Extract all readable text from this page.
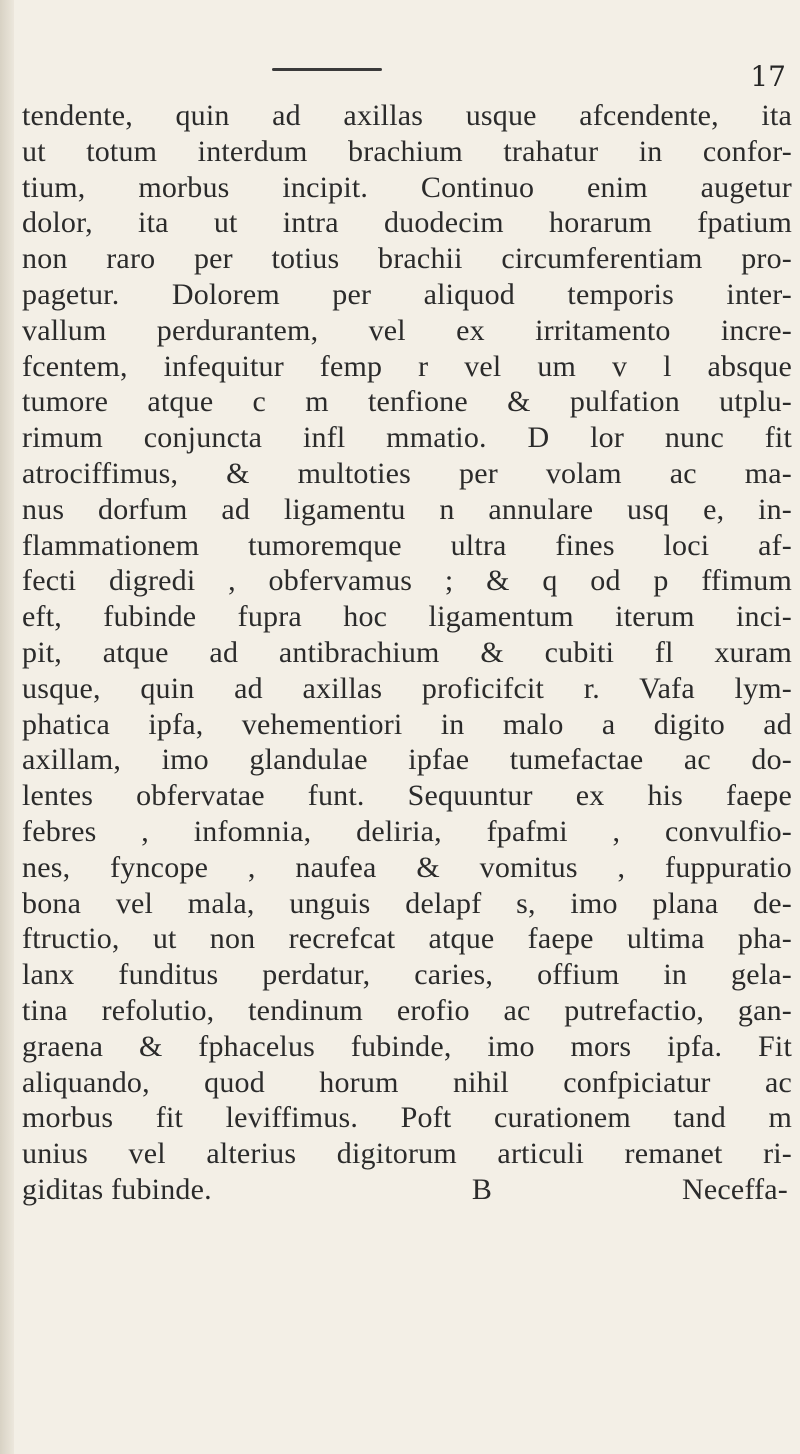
17
tendente, quin ad axillas usque afcendente, ita
ut totum interdum brachium trahatur in confor-
tium, morbus incipit. Continuo enim augetur
dolor, ita ut intra duodecim horarum fpatium
non raro per totius brachii circumferentiam pro-
pagetur. Dolorem per aliquod temporis inter-
vallum perdurantem, vel ex irritamento incre-
fcentem, infequitur femp r vel um v l absque
tumore atque c m tenfione & pulfation utplu-
rimum conjuncta infl mmatio. D lor nunc fit
atrociffimus, & multoties per volam ac ma-
nus dorfum ad ligamentu n annulare usq e, in-
flammationem tumoremque ultra fines loci af-
fecti digredi , obfervamus ; & q od p ffimum
eft, fubinde fupra hoc ligamentum iterum inci-
pit, atque ad antibrachium & cubiti fl xuram
usque, quin ad axillas proficifcit r. Vafa lym-
phatica ipfa, vehementiori in malo a digito ad
axillam, imo glandulae ipfae tumefactae ac do-
lentes obfervatae funt. Sequuntur ex his faepe
febres , infomnia, deliria, fpafmi , convulfio-
nes, fyncope , naufea & vomitus , fuppuratio
bona vel mala, unguis delapf s, imo plana de-
ftructio, ut non recrefcat atque faepe ultima pha-
lanx funditus perdatur, caries, offium in gela-
tina refolutio, tendinum erofio ac putrefactio, gan-
graena & fphacelus fubinde, imo mors ipfa. Fit
aliquando, quod horum nihil confpiciatur ac
morbus fit leviffimus. Poft curationem tand m
unius vel alterius digitorum articuli remanet ri-
giditas fubinde.	B	Neceffa-
